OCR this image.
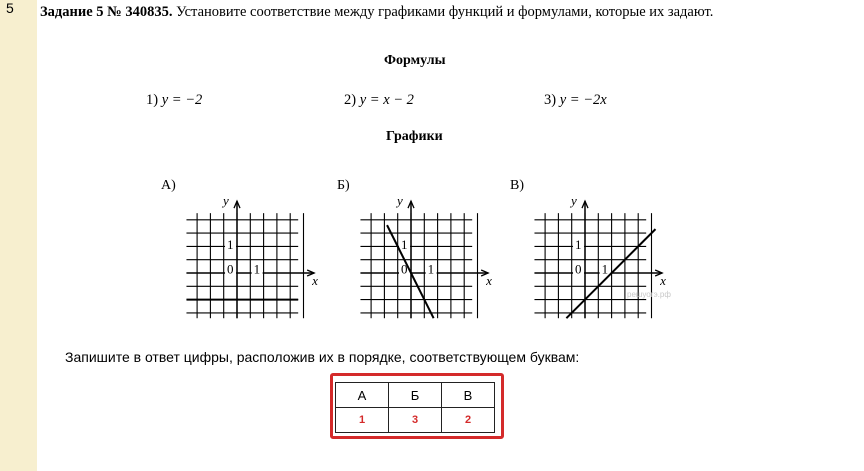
5 Задание 5 № 340835. Установите соответствие между графиками функций и формулами, которые их задают.
Формулы
1) y = −2	2) y = x − 2	3) y = −2x
Графики
А)	Б)	В)
1
0 1
y
x
1
0 1
y
x
1
0 1
y
x
Запишите в ответ цифры, расположив их в порядке, соответствующем буквам:
А	Б	В
1	3	2
решуогэ.рф
